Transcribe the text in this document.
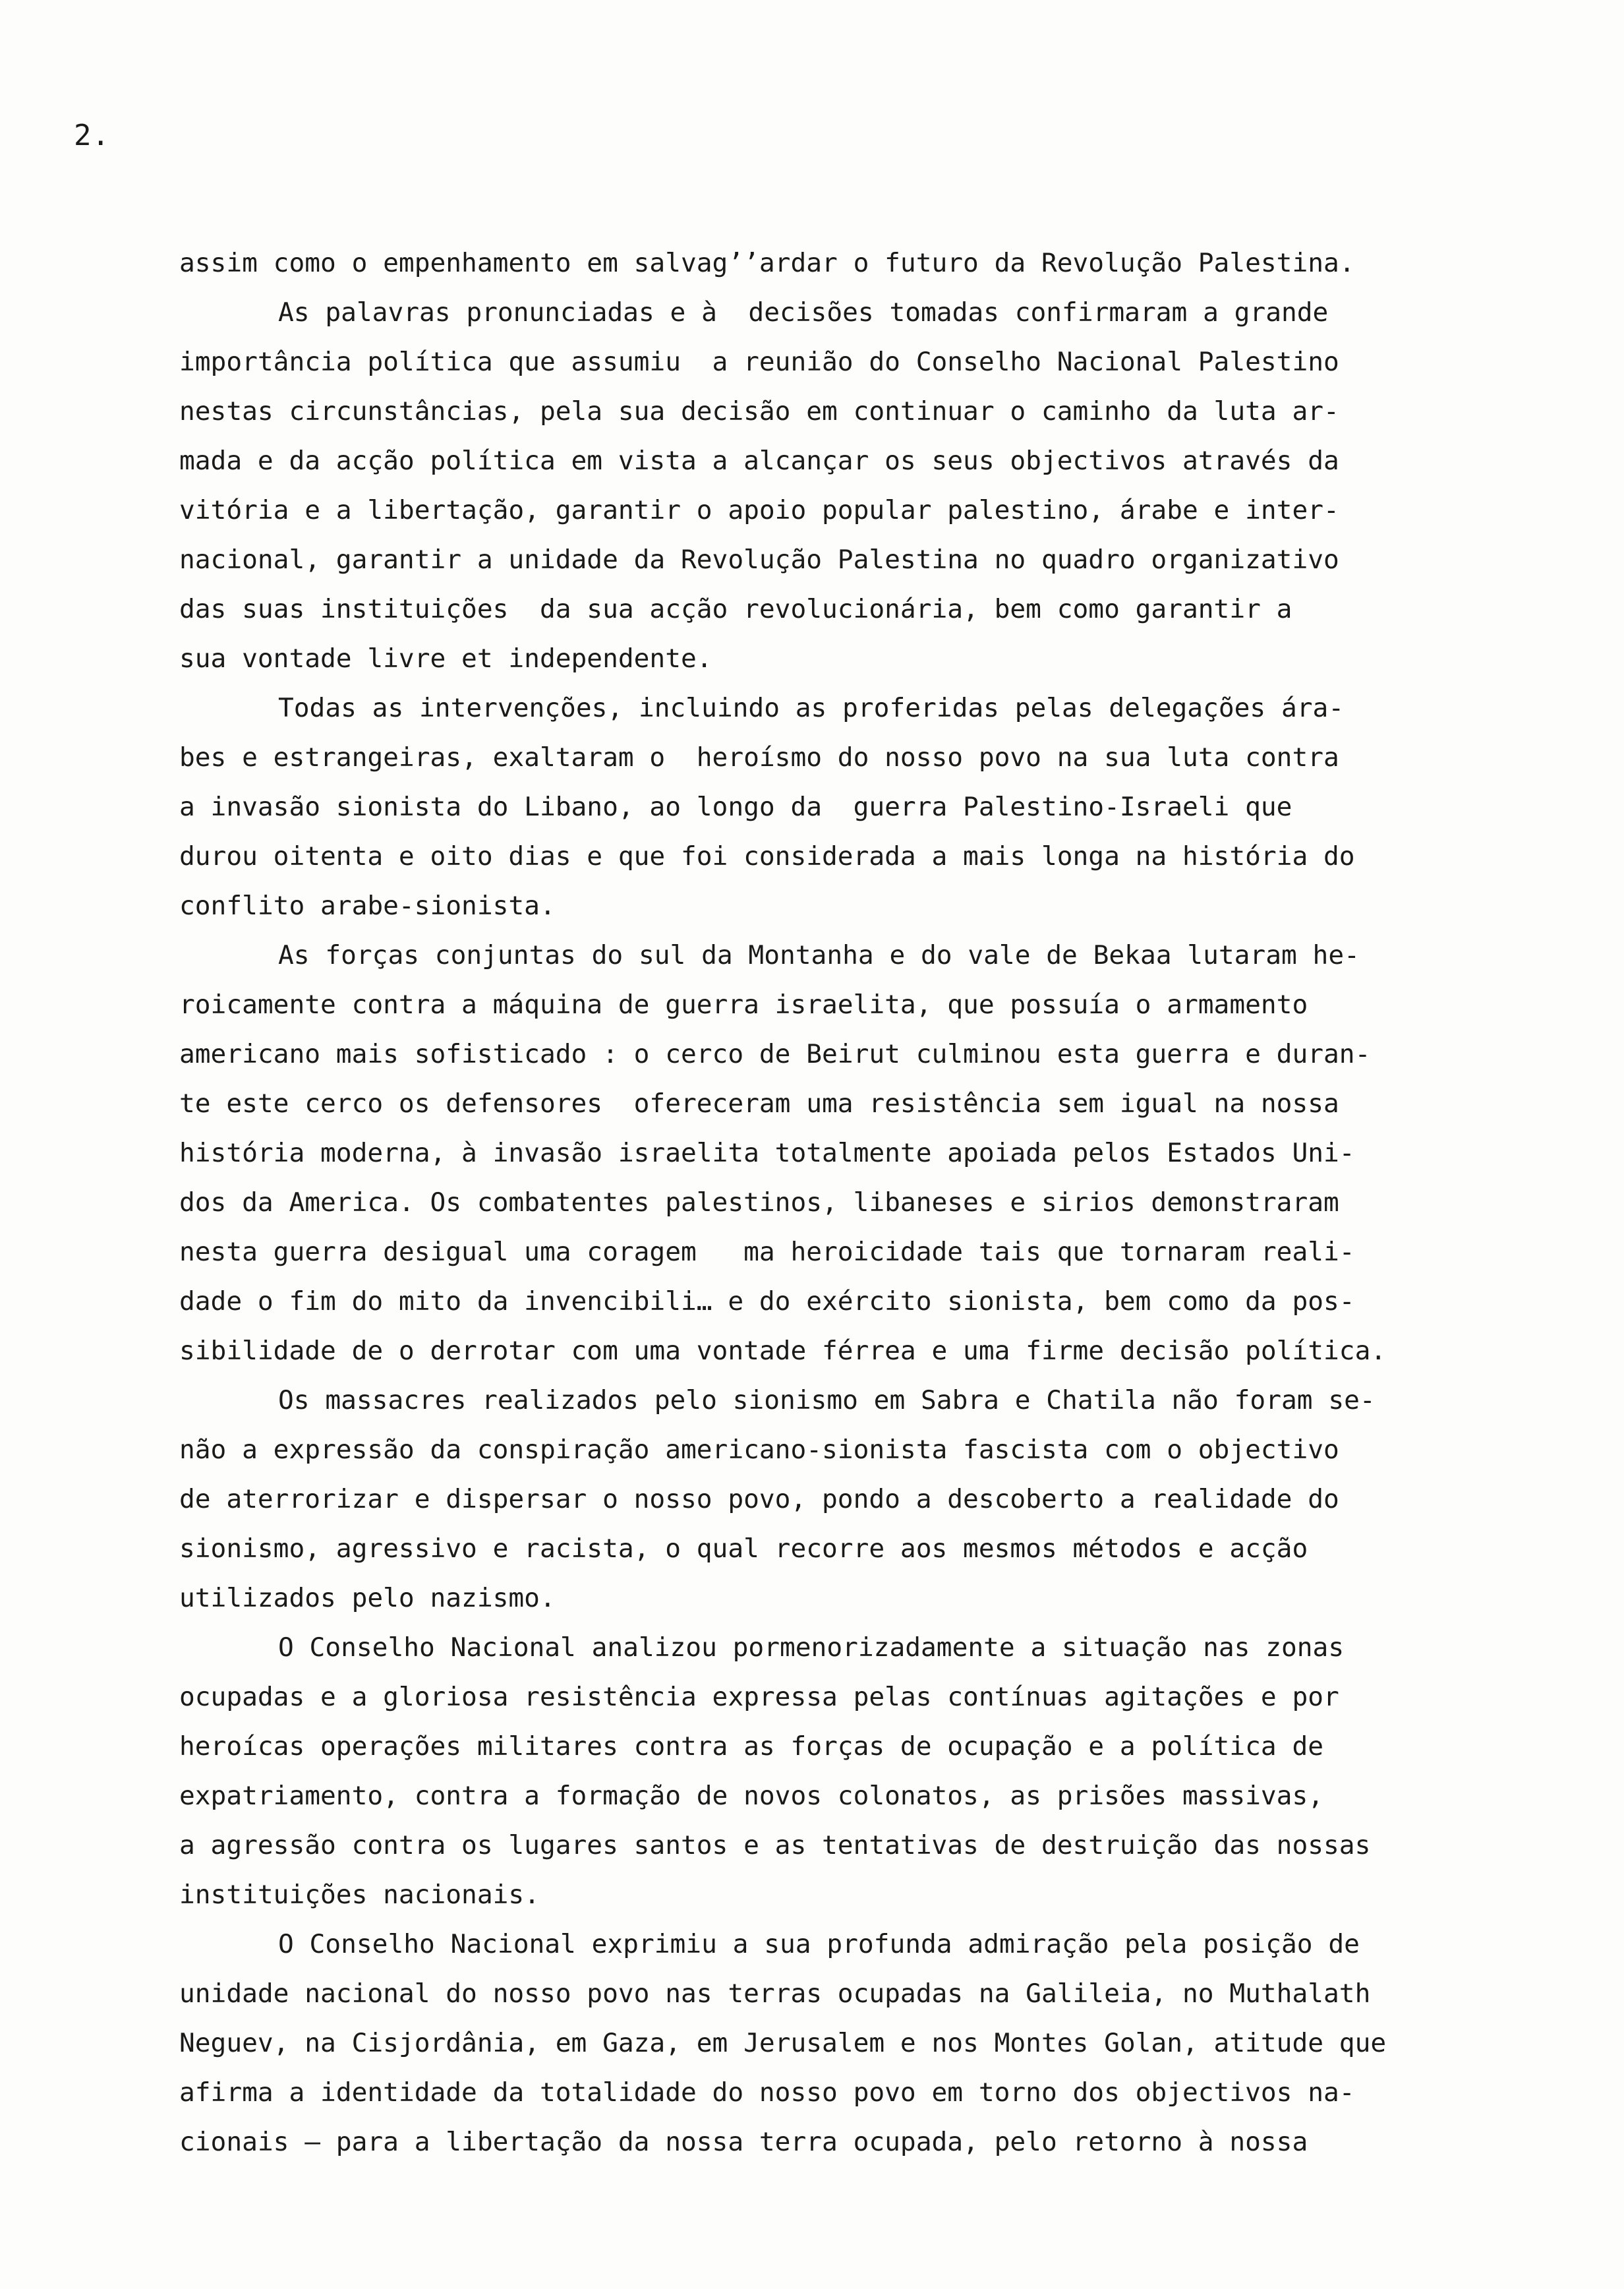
2.
assim como o empenhamento em salvag’’ardar o futuro da Revolução Palestina.
As palavras pronunciadas e à  decisões tomadas confirmaram a grande
importância política que assumiu  a reunião do Conselho Nacional Palestino
nestas circunstâncias, pela sua decisão em continuar o caminho da luta ar-
mada e da acção política em vista a alcançar os seus objectivos através da
vitória e a libertação, garantir o apoio popular palestino, árabe e inter-
nacional, garantir a unidade da Revolução Palestina no quadro organizativo
das suas instituições  da sua acção revolucionária, bem como garantir a
sua vontade livre et independente.
Todas as intervenções, incluindo as proferidas pelas delegações ára-
bes e estrangeiras, exaltaram o  heroísmo do nosso povo na sua luta contra
a invasão sionista do Libano, ao longo da  guerra Palestino-Israeli que
durou oitenta e oito dias e que foi considerada a mais longa na história do
conflito arabe-sionista.
As forças conjuntas do sul da Montanha e do vale de Bekaa lutaram he-
roicamente contra a máquina de guerra israelita, que possuía o armamento
americano mais sofisticado : o cerco de Beirut culminou esta guerra e duran-
te este cerco os defensores  ofereceram uma resistência sem igual na nossa
história moderna, à invasão israelita totalmente apoiada pelos Estados Uni-
dos da America. Os combatentes palestinos, libaneses e sirios demonstraram
nesta guerra desigual uma coragem   ma heroicidade tais que tornaram reali-
dade o fim do mito da invencibili… e do exército sionista, bem como da pos-
sibilidade de o derrotar com uma vontade férrea e uma firme decisão política.
Os massacres realizados pelo sionismo em Sabra e Chatila não foram se-
não a expressão da conspiração americano-sionista fascista com o objectivo
de aterrorizar e dispersar o nosso povo, pondo a descoberto a realidade do
sionismo, agressivo e racista, o qual recorre aos mesmos métodos e acção
utilizados pelo nazismo.
O Conselho Nacional analizou pormenorizadamente a situação nas zonas
ocupadas e a gloriosa resistência expressa pelas contínuas agitações e por
heroícas operações militares contra as forças de ocupação e a política de
expatriamento, contra a formação de novos colonatos, as prisões massivas,
a agressão contra os lugares santos e as tentativas de destruição das nossas
instituições nacionais.
O Conselho Nacional exprimiu a sua profunda admiração pela posição de
unidade nacional do nosso povo nas terras ocupadas na Galileia, no Muthalath
Neguev, na Cisjordânia, em Gaza, em Jerusalem e nos Montes Golan, atitude que
afirma a identidade da totalidade do nosso povo em torno dos objectivos na-
cionais — para a libertação da nossa terra ocupada, pelo retorno à nossa
